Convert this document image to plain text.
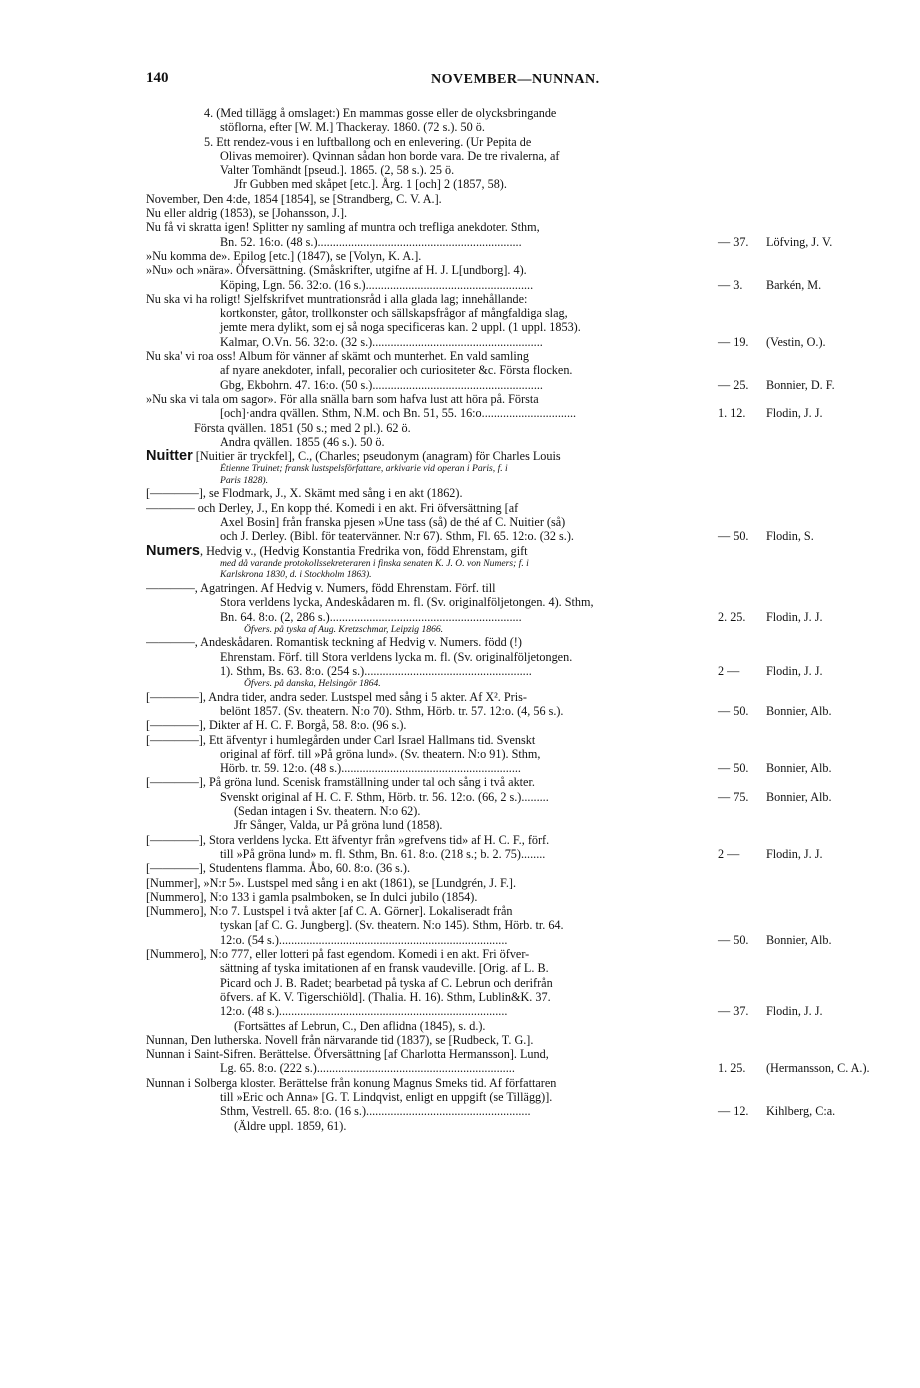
140	NOVEMBER—NUNNAN.
4. (Med tillägg å omslaget:) En mammas gosse eller de olycksbringande
stöflorna, efter [W. M.] Thackeray. 1860. (72 s.). 50 ö.
5. Ett rendez-vous i en luftballong och en enlevering. (Ur Pepita de
Olivas memoirer). Qvinnan sådan hon borde vara. De tre rivalerna, af
Valter Tomhändt [pseud.]. 1865. (2, 58 s.). 25 ö.
Jfr Gubben med skåpet [etc.]. Årg. 1 [och] 2 (1857, 58).
November, Den 4:de, 1854 [1854], se [Strandberg, C. V. A.].
Nu eller aldrig (1853), se [Johansson, J.].
Nu få vi skratta igen! Splitter ny samling af muntra och trefliga anekdoter. Sthm,
Bn. 52. 16:o. (48 s.)...................................................................	— 37. Löfving, J. V.
»Nu komma de». Epilog [etc.] (1847), se [Volyn, K. A.].
»Nu» och »nära». Öfversättning. (Småskrifter, utgifne af H. J. L[undborg]. 4).
Köping, Lgn. 56. 32:o. (16 s.).......................................................	— 3. Barkén, M.
Nu ska vi ha roligt! Sjelfskrifvet muntrationsråd i alla glada lag; innehållande:
kortkonster, gåtor, trollkonster och sällskapsfrågor af mångfaldiga slag,
jemte mera dylikt, som ej så noga specificeras kan. 2 uppl. (1 uppl. 1853).
Kalmar, O.Vn. 56. 32:o. (32 s.)........................................................	— 19. (Vestin, O.).
Nu ska' vi roa oss! Album för vänner af skämt och munterhet. En vald samling
af nyare anekdoter, infall, pecoralier och curiositeter &c. Första flocken.
Gbg, Ekbohrn. 47. 16:o. (50 s.)........................................................	— 25. Bonnier, D. F.
»Nu ska vi tala om sagor». För alla snälla barn som hafva lust att höra på. Första
[och]·andra qvällen. Sthm, N.M. och Bn. 51, 55. 16:o...............................	1. 12. Flodin, J. J.
Första qvällen. 1851 (50 s.; med 2 pl.). 62 ö.
Andra qvällen. 1855 (46 s.). 50 ö.
Nuitter [Nuitier är tryckfel], C., (Charles; pseudonym (anagram) för Charles Louis
Étienne Truinet; fransk lustspelsförfattare, arkivarie vid operan i Paris, f. i
Paris 1828).
[————], se Flodmark, J., X. Skämt med sång i en akt (1862).
———— och Derley, J., En kopp thé. Komedi i en akt. Fri öfversättning [af
Axel Bosin] från franska pjesen »Une tass (så) de thé af C. Nuitier (så)
och J. Derley. (Bibl. för teatervänner. N:r 67). Sthm, Fl. 65. 12:o. (32 s.).	— 50. Flodin, S.
Numers, Hedvig v., (Hedvig Konstantia Fredrika von, född Ehrenstam, gift
med då varande protokollssekreteraren i finska senaten K. J. O. von Numers; f. i
Karlskrona 1830, d. i Stockholm 1863).
————, Agatringen. Af Hedvig v. Numers, född Ehrenstam. Förf. till
Stora verldens lycka, Andeskådaren m. fl. (Sv. originalföljetongen. 4). Sthm,
Bn. 64. 8:o. (2, 286 s.)...............................................................	2. 25. Flodin, J. J.
Öfvers. på tyska af Aug. Kretzschmar, Leipzig 1866.
————, Andeskådaren. Romantisk teckning af Hedvig v. Numers. född (!)
Ehrenstam. Förf. till Stora verldens lycka m. fl. (Sv. originalföljetongen.
1). Sthm, Bs. 63. 8:o. (254 s.).......................................................	2 — Flodin, J. J.
Öfvers. på danska, Helsingör 1864.
[————], Andra tider, andra seder. Lustspel med sång i 5 akter. Af X². Pris-
belönt 1857. (Sv. theatern. N:o 70). Sthm, Hörb. tr. 57. 12:o. (4, 56 s.).	— 50. Bonnier, Alb.
[————], Dikter af H. C. F. Borgå, 58. 8:o. (96 s.).
[————], Ett äfventyr i humlegården under Carl Israel Hallmans tid. Svenskt
original af förf. till »På gröna lund». (Sv. theatern. N:o 91). Sthm,
Hörb. tr. 59. 12:o. (48 s.)...........................................................	— 50. Bonnier, Alb.
[————], På gröna lund. Scenisk framställning under tal och sång i två akter.
Svenskt original af H. C. F. Sthm, Hörb. tr. 56. 12:o. (66, 2 s.).........	— 75. Bonnier, Alb.
(Sedan intagen i Sv. theatern. N:o 62).
Jfr Sånger, Valda, ur På gröna lund (1858).
[————], Stora verldens lycka. Ett äfventyr från »grefvens tid» af H. C. F., förf.
till »På gröna lund» m. fl. Sthm, Bn. 61. 8:o. (218 s.; b. 2. 75)........	2 — Flodin, J. J.
[————], Studentens flamma. Åbo, 60. 8:o. (36 s.).
[Nummer], »N:r 5». Lustspel med sång i en akt (1861), se [Lundgrén, J. F.].
[Nummero], N:o 133 i gamla psalmboken, se In dulci jubilo (1854).
[Nummero], N:o 7. Lustspel i två akter [af C. A. Görner]. Lokaliseradt från
tyskan [af C. G. Jungberg]. (Sv. theatern. N:o 145). Sthm, Hörb. tr. 64.
12:o. (54 s.)...........................................................................	— 50. Bonnier, Alb.
[Nummero], N:o 777, eller lotteri på fast egendom. Komedi i en akt. Fri öfver-
sättning af tyska imitationen af en fransk vaudeville. [Orig. af L. B.
Picard och J. B. Radet; bearbetad på tyska af C. Lebrun och derifrån
öfvers. af K. V. Tigerschiöld]. (Thalia. H. 16). Sthm, Lublin&K. 37.
12:o. (48 s.)...........................................................................	— 37. Flodin, J. J.
(Fortsättes af Lebrun, C., Den aflidna (1845), s. d.).
Nunnan, Den lutherska. Novell från närvarande tid (1837), se [Rudbeck, T. G.].
Nunnan i Saint-Sifren. Berättelse. Öfversättning [af Charlotta Hermansson]. Lund,
Lg. 65. 8:o. (222 s.).................................................................	1. 25. (Hermansson, C. A.).
Nunnan i Solberga kloster. Berättelse från konung Magnus Smeks tid. Af författaren
till »Eric och Anna» [G. T. Lindqvist, enligt en uppgift (se Tillägg)].
Sthm, Vestrell. 65. 8:o. (16 s.)......................................................	— 12. Kihlberg, C:a.
(Äldre uppl. 1859, 61).
